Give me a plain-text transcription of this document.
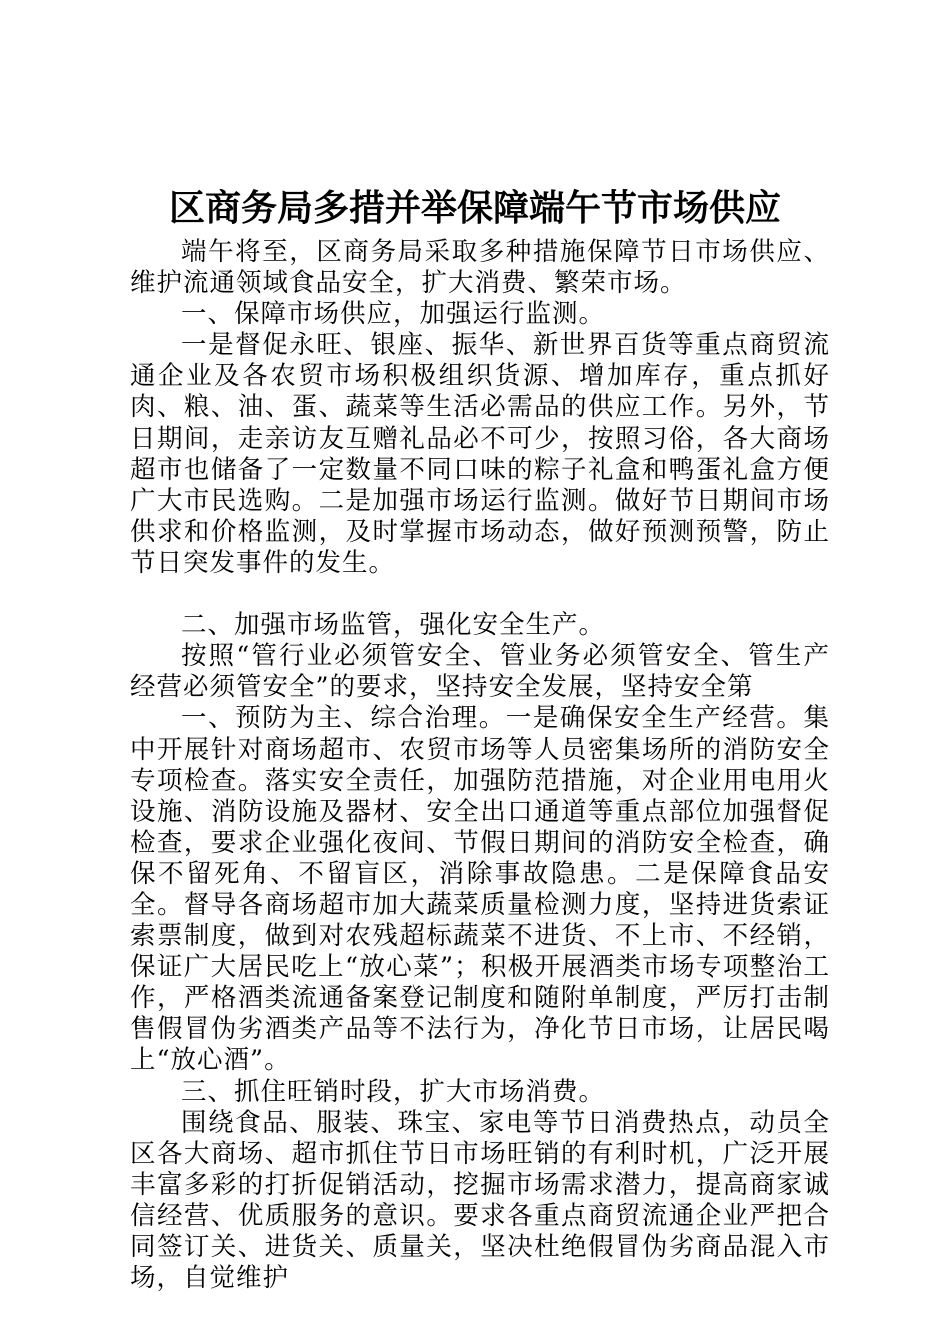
区商务局多措并举保障端午节市场供应

端午将至，区商务局采取多种措施保障节日市场供应、维护流通领域食品安全，扩大消费、繁荣市场。

一、保障市场供应，加强运行监测。

一是督促永旺、银座、振华、新世界百货等重点商贸流通企业及各农贸市场积极组织货源、增加库存，重点抓好肉、粮、油、蛋、蔬菜等生活必需品的供应工作。另外，节日期间，走亲访友互赠礼品必不可少，按照习俗，各大商场超市也储备了一定数量不同口味的粽子礼盒和鸭蛋礼盒方便广大市民选购。二是加强市场运行监测。做好节日期间市场供求和价格监测，及时掌握市场动态，做好预测预警，防止节日突发事件的发生。

二、加强市场监管，强化安全生产。

按照“管行业必须管安全、管业务必须管安全、管生产经营必须管安全”的要求，坚持安全发展，坚持安全第

一、预防为主、综合治理。一是确保安全生产经营。集中开展针对商场超市、农贸市场等人员密集场所的消防安全专项检查。落实安全责任，加强防范措施，对企业用电用火设施、消防设施及器材、安全出口通道等重点部位加强督促检查，要求企业强化夜间、节假日期间的消防安全检查，确保不留死角、不留盲区，消除事故隐患。二是保障食品安全。督导各商场超市加大蔬菜质量检测力度，坚持进货索证索票制度，做到对农残超标蔬菜不进货、不上市、不经销，保证广大居民吃上“放心菜”；积极开展酒类市场专项整治工作，严格酒类流通备案登记制度和随附单制度，严厉打击制售假冒伪劣酒类产品等不法行为，净化节日市场，让居民喝上“放心酒”。

三、抓住旺销时段，扩大市场消费。

围绕食品、服装、珠宝、家电等节日消费热点，动员全区各大商场、超市抓住节日市场旺销的有利时机，广泛开展丰富多彩的打折促销活动，挖掘市场需求潜力，提高商家诚信经营、优质服务的意识。要求各重点商贸流通企业严把合同签订关、进货关、质量关，坚决杜绝假冒伪劣商品混入市场，自觉维护
